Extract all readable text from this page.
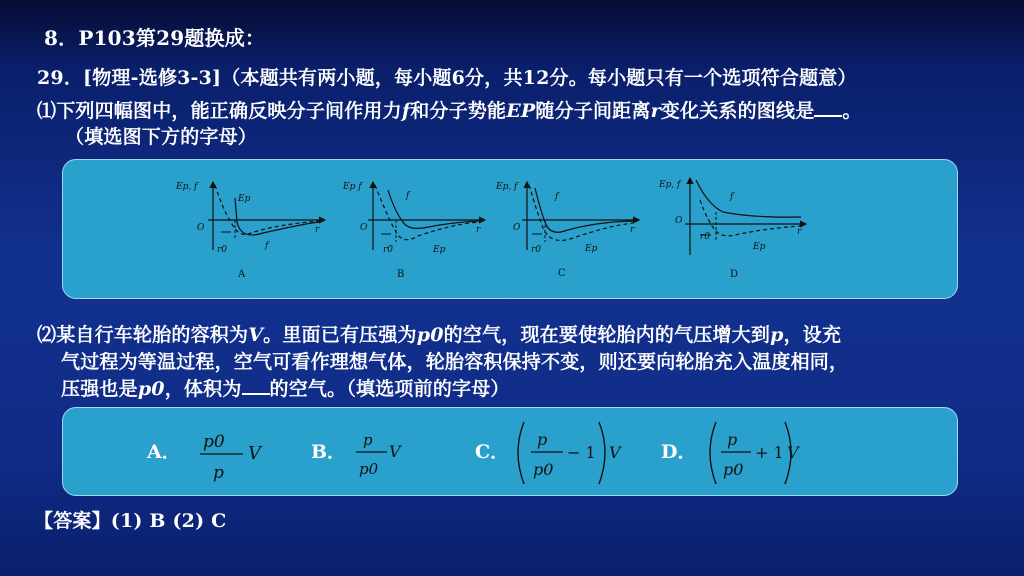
8．P103第29题换成：
29．[物理-选修3-3]（本题共有两小题，每小题6分，共12分。每小题只有一个选项符合题意）
⑴下列四幅图中，能正确反映分子间作用力f和分子势能EP随分子间距离r变化关系的图线是 。
（填选图下方的字母）
Ep, f
Ep
f
O
r0
r
A
Ep f
f
Ep
O
r0
r
B
Ep, f
f
Ep
O
r0
r
C
Ep, f
f
Ep
O
r0	r
D
⑵某自行车轮胎的容积为V。里面已有压强为p0的空气，现在要使轮胎内的气压增大到p，设充
气过程为等温过程，空气可看作理想气体，轮胎容积保持不变，则还要向轮胎充入温度相同，
压强也是p0，体积为 的空气。（填选项前的字母）
A． p0
p
V	B．
p
p0
V	C．
p
p0
− 1 V D．
p
p0
+ 1 V
【答案】(1) B (2) C
